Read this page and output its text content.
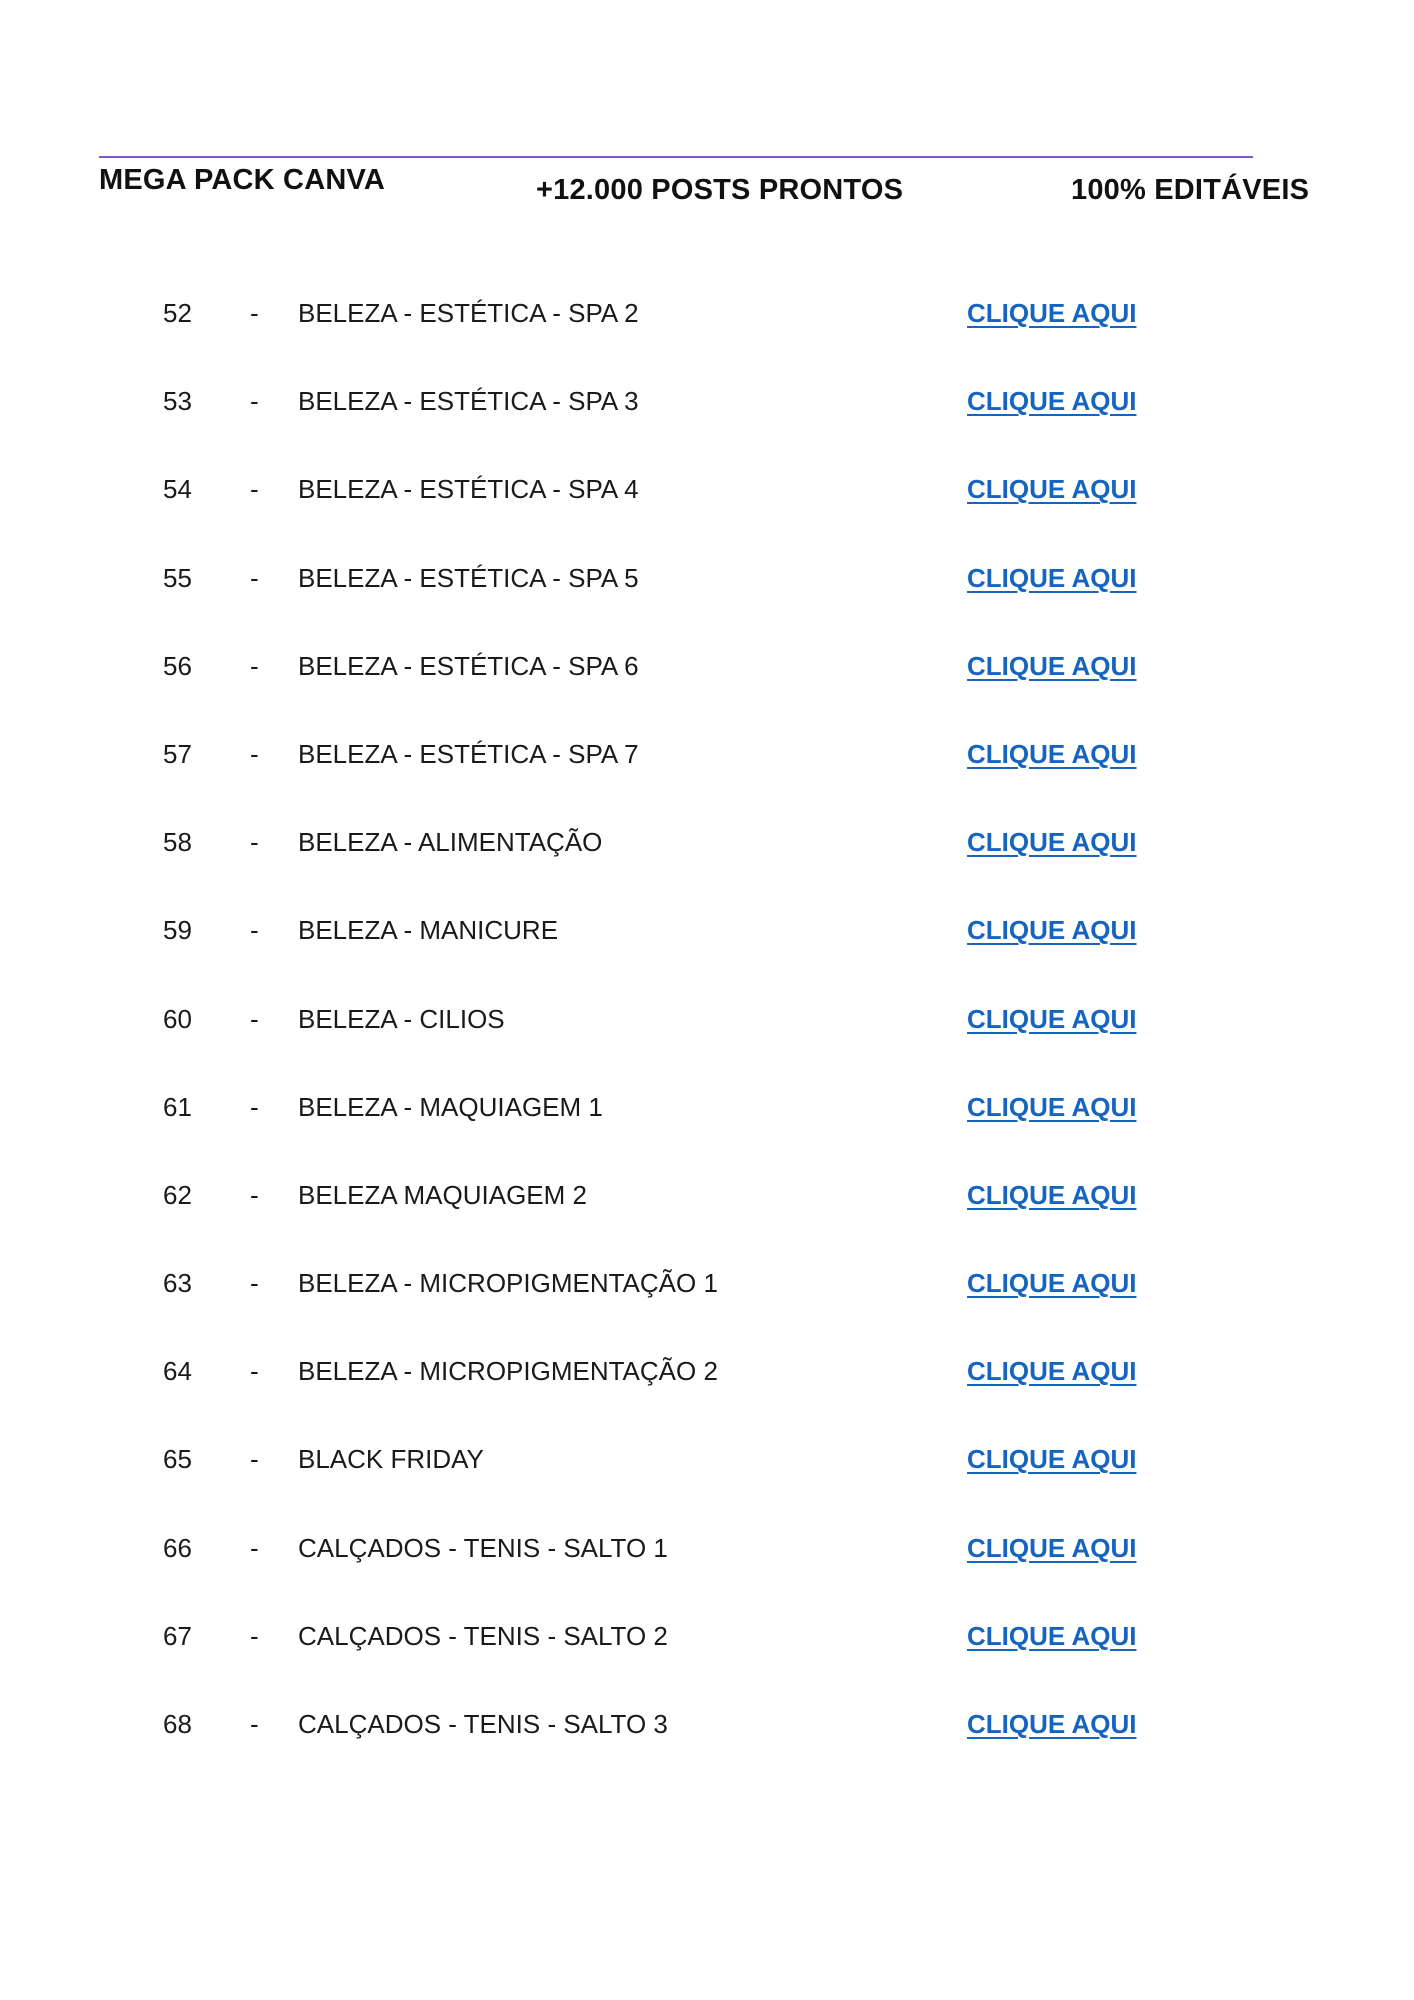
MEGA PACK CANVA	+12.000 POSTS PRONTOS	100% EDITÁVEIS
52 - BELEZA - ESTÉTICA - SPA 2	CLIQUE AQUI
53 - BELEZA - ESTÉTICA - SPA 3	CLIQUE AQUI
54 - BELEZA - ESTÉTICA - SPA 4	CLIQUE AQUI
55 - BELEZA - ESTÉTICA - SPA 5	CLIQUE AQUI
56 - BELEZA - ESTÉTICA - SPA 6	CLIQUE AQUI
57 - BELEZA - ESTÉTICA - SPA 7	CLIQUE AQUI
58 - BELEZA - ALIMENTAÇÃO	CLIQUE AQUI
59 - BELEZA - MANICURE	CLIQUE AQUI
60 - BELEZA - CILIOS	CLIQUE AQUI
61 - BELEZA - MAQUIAGEM 1	CLIQUE AQUI
62 - BELEZA MAQUIAGEM 2	CLIQUE AQUI
63 - BELEZA - MICROPIGMENTAÇÃO 1	CLIQUE AQUI
64 - BELEZA - MICROPIGMENTAÇÃO 2	CLIQUE AQUI
65 - BLACK FRIDAY	CLIQUE AQUI
66 - CALÇADOS - TENIS - SALTO 1	CLIQUE AQUI
67 - CALÇADOS - TENIS - SALTO 2	CLIQUE AQUI
68 - CALÇADOS - TENIS - SALTO 3	CLIQUE AQUI
